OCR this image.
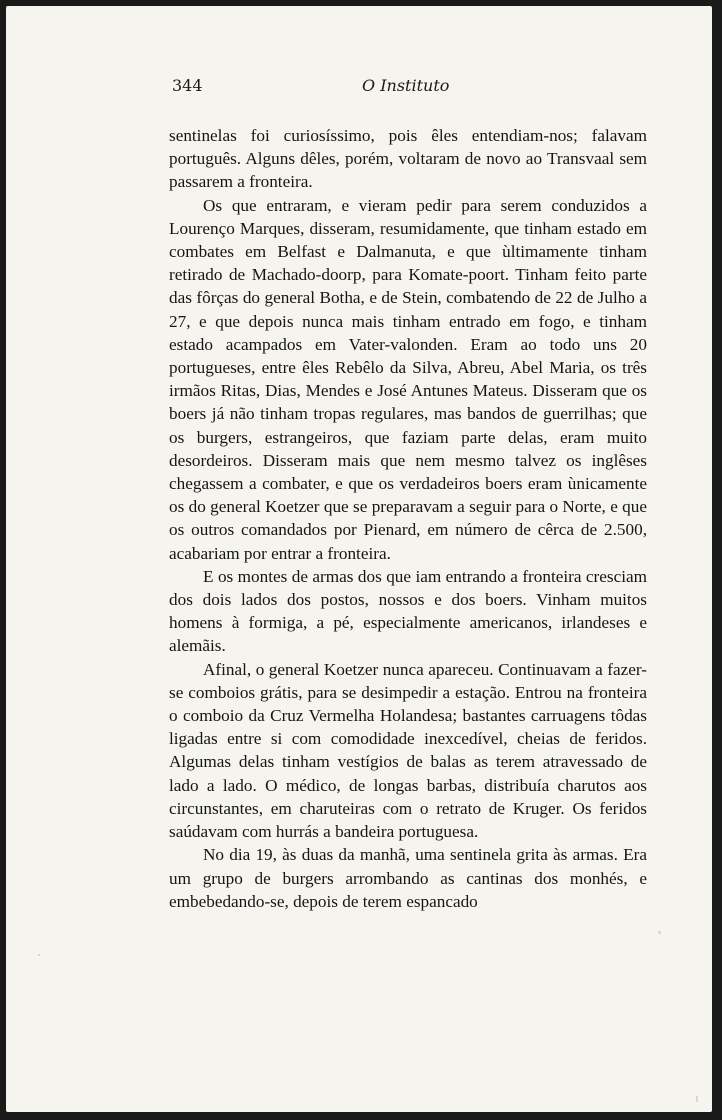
344	O Instituto

sentinelas foi curiosíssimo, pois êles entendiam-nos; falavam português. Alguns dêles, porém, voltaram de novo ao Transvaal sem passarem a fronteira.

Os que entraram, e vieram pedir para serem conduzidos a Lourenço Marques, disseram, resumidamente, que tinham estado em combates em Belfast e Dalmanuta, e que ùltimamente tinham retirado de Machado-doorp, para Komate-poort. Tinham feito parte das fôrças do general Botha, e de Stein, combatendo de 22 de Julho a 27, e que depois nunca mais tinham entrado em fogo, e tinham estado acampados em Vater-valonden. Eram ao todo uns 20 portugueses, entre êles Rebêlo da Silva, Abreu, Abel Maria, os três irmãos Ritas, Dias, Mendes e José Antunes Mateus. Disseram que os boers já não tinham tropas regulares, mas bandos de guerrilhas; que os burgers, estrangeiros, que faziam parte delas, eram muito desordeiros. Disseram mais que nem mesmo talvez os inglêses chegassem a combater, e que os verdadeiros boers eram ùnicamente os do general Koetzer que se preparavam a seguir para o Norte, e que os outros comandados por Pienard, em número de cêrca de 2.500, acabariam por entrar a fronteira.

E os montes de armas dos que iam entrando a fronteira cresciam dos dois lados dos postos, nossos e dos boers. Vinham muitos homens à formiga, a pé, especialmente americanos, irlandeses e alemãis.

Afinal, o general Koetzer nunca apareceu. Continuavam a fazer-se comboios grátis, para se desimpedir a estação. Entrou na fronteira o comboio da Cruz Vermelha Holandesa; bastantes carruagens tôdas ligadas entre si com comodidade inexcedível, cheias de feridos. Algumas delas tinham vestígios de balas as terem atravessado de lado a lado. O médico, de longas barbas, distribuía charutos aos circunstantes, em charuteiras com o retrato de Kruger. Os feridos saúdavam com hurrás a bandeira portuguesa.

No dia 19, às duas da manhã, uma sentinela grita às armas. Era um grupo de burgers arrombando as cantinas dos monhés, e embebedando-se, depois de terem espancado
